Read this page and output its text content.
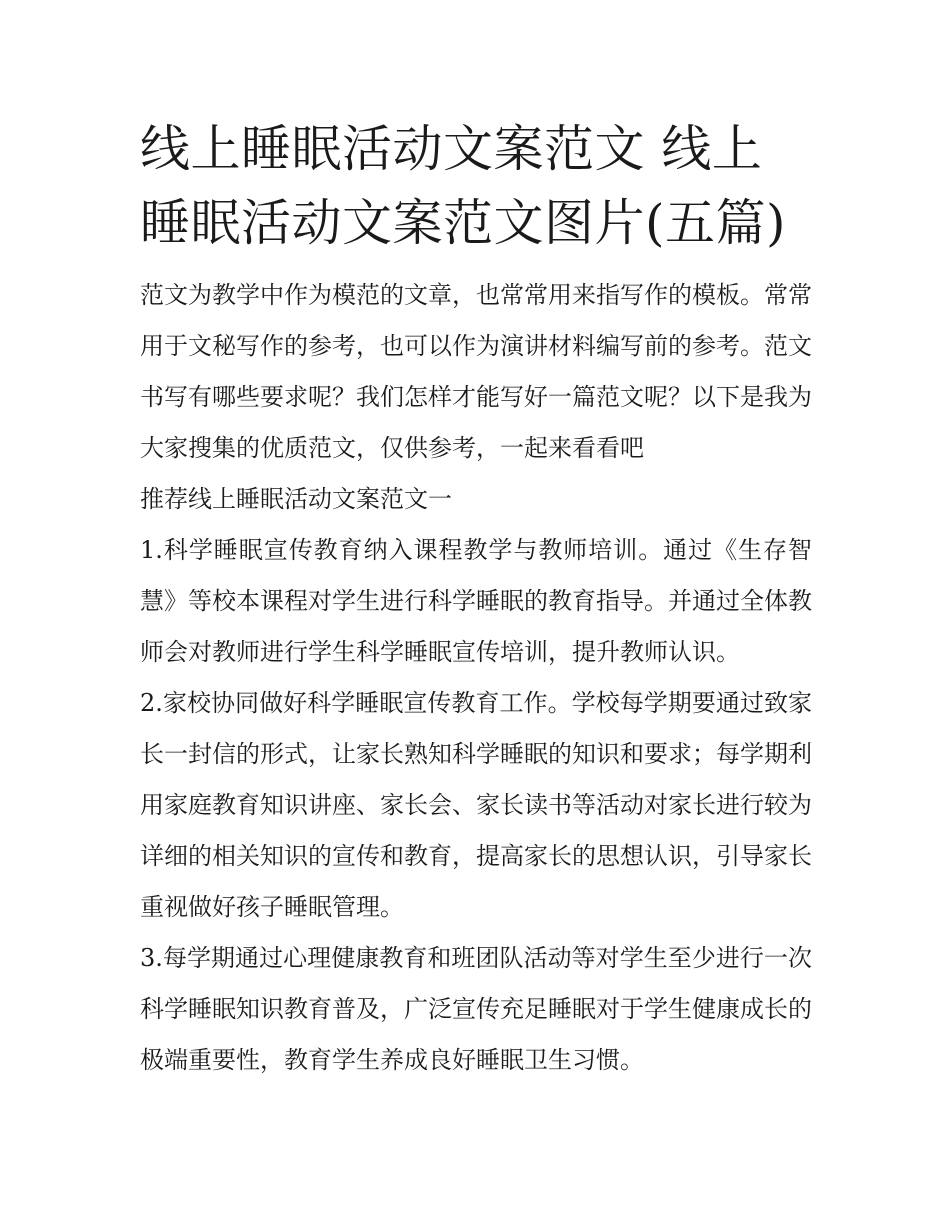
线上睡眠活动文案范文 线上睡眠活动文案范文图片(五篇)

范文为教学中作为模范的文章，也常常用来指写作的模板。常常用于文秘写作的参考，也可以作为演讲材料编写前的参考。范文书写有哪些要求呢？我们怎样才能写好一篇范文呢？以下是我为大家搜集的优质范文，仅供参考，一起来看看吧

推荐线上睡眠活动文案范文一

1.科学睡眠宣传教育纳入课程教学与教师培训。通过《生存智慧》等校本课程对学生进行科学睡眠的教育指导。并通过全体教师会对教师进行学生科学睡眠宣传培训，提升教师认识。

2.家校协同做好科学睡眠宣传教育工作。学校每学期要通过致家长一封信的形式，让家长熟知科学睡眠的知识和要求；每学期利用家庭教育知识讲座、家长会、家长读书等活动对家长进行较为详细的相关知识的宣传和教育，提高家长的思想认识，引导家长重视做好孩子睡眠管理。

3.每学期通过心理健康教育和班团队活动等对学生至少进行一次科学睡眠知识教育普及，广泛宣传充足睡眠对于学生健康成长的极端重要性，教育学生养成良好睡眠卫生习惯。
